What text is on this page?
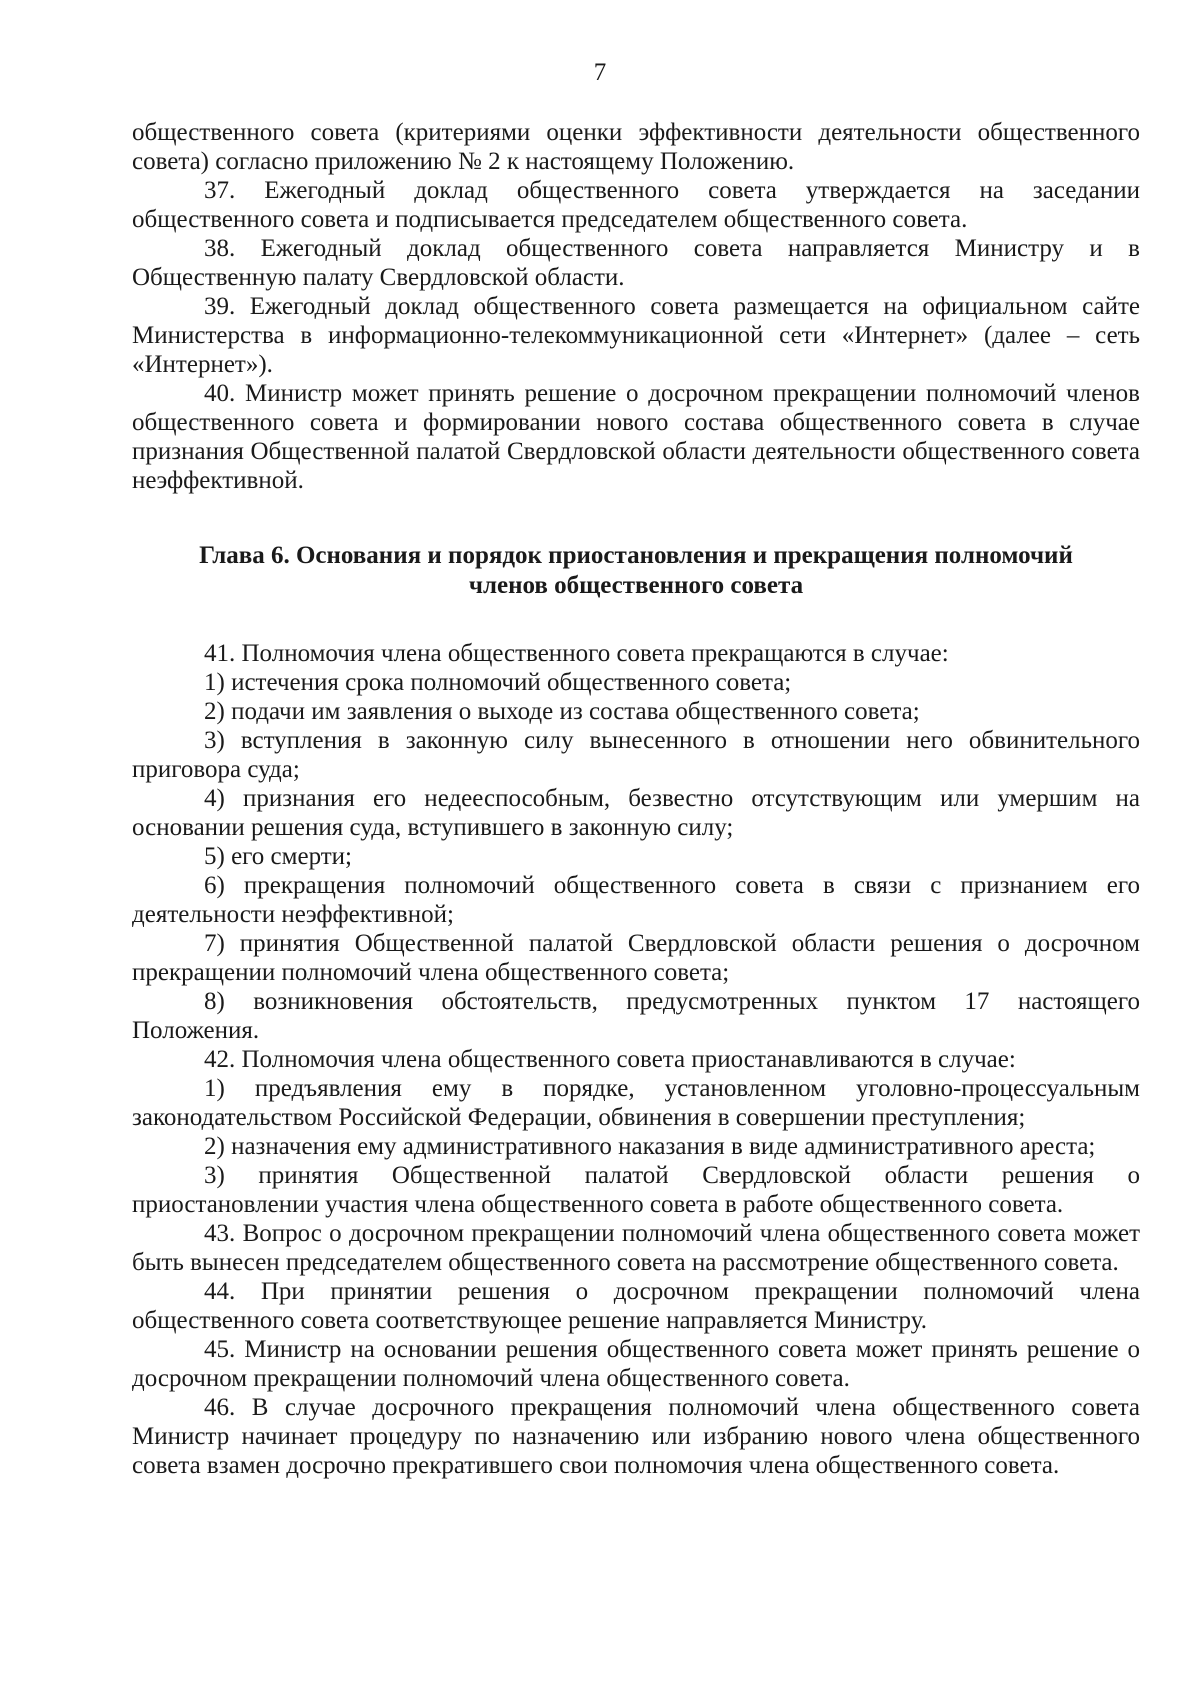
7

общественного совета (критериями оценки эффективности деятельности общественного совета) согласно приложению № 2 к настоящему Положению.

37. Ежегодный доклад общественного совета утверждается на заседании общественного совета и подписывается председателем общественного совета.

38. Ежегодный доклад общественного совета направляется Министру и в Общественную палату Свердловской области.

39. Ежегодный доклад общественного совета размещается на официальном сайте Министерства в информационно-телекоммуникационной сети «Интернет» (далее – сеть «Интернет»).

40. Министр может принять решение о досрочном прекращении полномочий членов общественного совета и формировании нового состава общественного совета в случае признания Общественной палатой Свердловской области деятельности общественного совета неэффективной.

Глава 6. Основания и порядок приостановления и прекращения полномочий
членов общественного совета

41. Полномочия члена общественного совета прекращаются в случае:

1) истечения срока полномочий общественного совета;

2) подачи им заявления о выходе из состава общественного совета;

3) вступления в законную силу вынесенного в отношении него обвинительного приговора суда;

4) признания его недееспособным, безвестно отсутствующим или умершим на основании решения суда, вступившего в законную силу;

5) его смерти;

6) прекращения полномочий общественного совета в связи с признанием его деятельности неэффективной;

7) принятия Общественной палатой Свердловской области решения о досрочном прекращении полномочий члена общественного совета;

8) возникновения обстоятельств, предусмотренных пунктом 17 настоящего Положения.

42. Полномочия члена общественного совета приостанавливаются в случае:

1) предъявления ему в порядке, установленном уголовно-процессуальным законодательством Российской Федерации, обвинения в совершении преступления;

2) назначения ему административного наказания в виде административного ареста;

3) принятия Общественной палатой Свердловской области решения о приостановлении участия члена общественного совета в работе общественного совета.

43. Вопрос о досрочном прекращении полномочий члена общественного совета может быть вынесен председателем общественного совета на рассмотрение общественного совета.

44. При принятии решения о досрочном прекращении полномочий члена общественного совета соответствующее решение направляется Министру.

45. Министр на основании решения общественного совета может принять решение о досрочном прекращении полномочий члена общественного совета.

46. В случае досрочного прекращения полномочий члена общественного совета Министр начинает процедуру по назначению или избранию нового члена общественного совета взамен досрочно прекратившего свои полномочия члена общественного совета.
